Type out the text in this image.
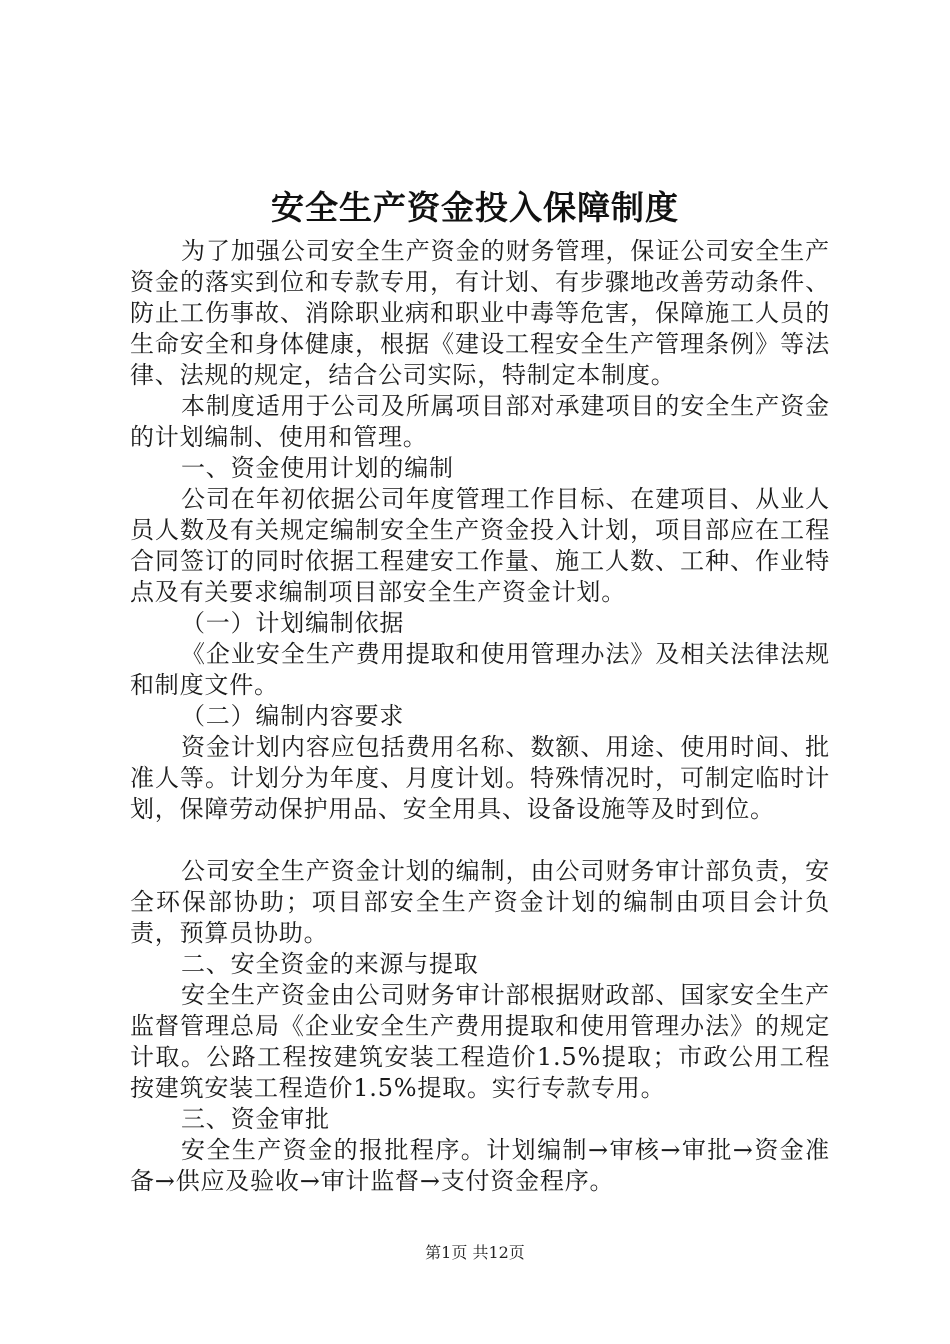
安全生产资金投入保障制度

为了加强公司安全生产资金的财务管理，保证公司安全生产资金的落实到位和专款专用，有计划、有步骤地改善劳动条件、防止工伤事故、消除职业病和职业中毒等危害，保障施工人员的生命安全和身体健康，根据《建设工程安全生产管理条例》等法律、法规的规定，结合公司实际，特制定本制度。

本制度适用于公司及所属项目部对承建项目的安全生产资金的计划编制、使用和管理。

一、资金使用计划的编制

公司在年初依据公司年度管理工作目标、在建项目、从业人员人数及有关规定编制安全生产资金投入计划，项目部应在工程合同签订的同时依据工程建安工作量、施工人数、工种、作业特点及有关要求编制项目部安全生产资金计划。

（一）计划编制依据

《企业安全生产费用提取和使用管理办法》及相关法律法规和制度文件。

（二）编制内容要求

资金计划内容应包括费用名称、数额、用途、使用时间、批准人等。计划分为年度、月度计划。特殊情况时，可制定临时计划，保障劳动保护用品、安全用具、设备设施等及时到位。

公司安全生产资金计划的编制，由公司财务审计部负责，安全环保部协助；项目部安全生产资金计划的编制由项目会计负责，预算员协助。

二、安全资金的来源与提取

安全生产资金由公司财务审计部根据财政部、国家安全生产监督管理总局《企业安全生产费用提取和使用管理办法》的规定计取。公路工程按建筑安装工程造价1.5%提取；市政公用工程按建筑安装工程造价1.5%提取。实行专款专用。

三、资金审批

安全生产资金的报批程序。计划编制→审核→审批→资金准备→供应及验收→审计监督→支付资金程序。

第1页 共12页
